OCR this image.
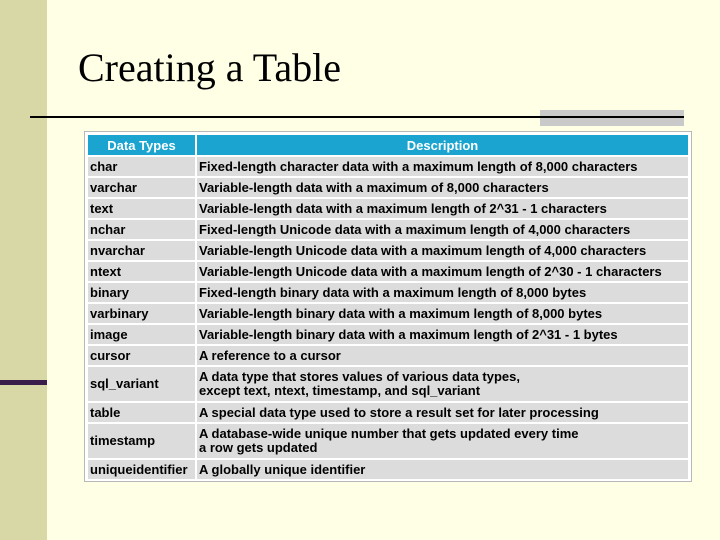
Creating a Table
Data Types	Description
char	Fixed-length character data with a maximum length of 8,000 characters
varchar	Variable-length data with a maximum of 8,000 characters
text	Variable-length data with a maximum length of 2^31 - 1 characters
nchar	Fixed-length Unicode data with a maximum length of 4,000 characters
nvarchar	Variable-length Unicode data with a maximum length of 4,000 characters
ntext	Variable-length Unicode data with a maximum length of 2^30 - 1 characters
binary	Fixed-length binary data with a maximum length of 8,000 bytes
varbinary	Variable-length binary data with a maximum length of 8,000 bytes
image	Variable-length binary data with a maximum length of 2^31 - 1 bytes
cursor	A reference to a cursor
sql_variant	A data type that stores values of various data types,
except text, ntext, timestamp, and sql_variant

table	A special data type used to store a result set for later processing
timestamp	A database-wide unique number that gets updated every time
a row gets updated

uniqueidentifier	A globally unique identifier
